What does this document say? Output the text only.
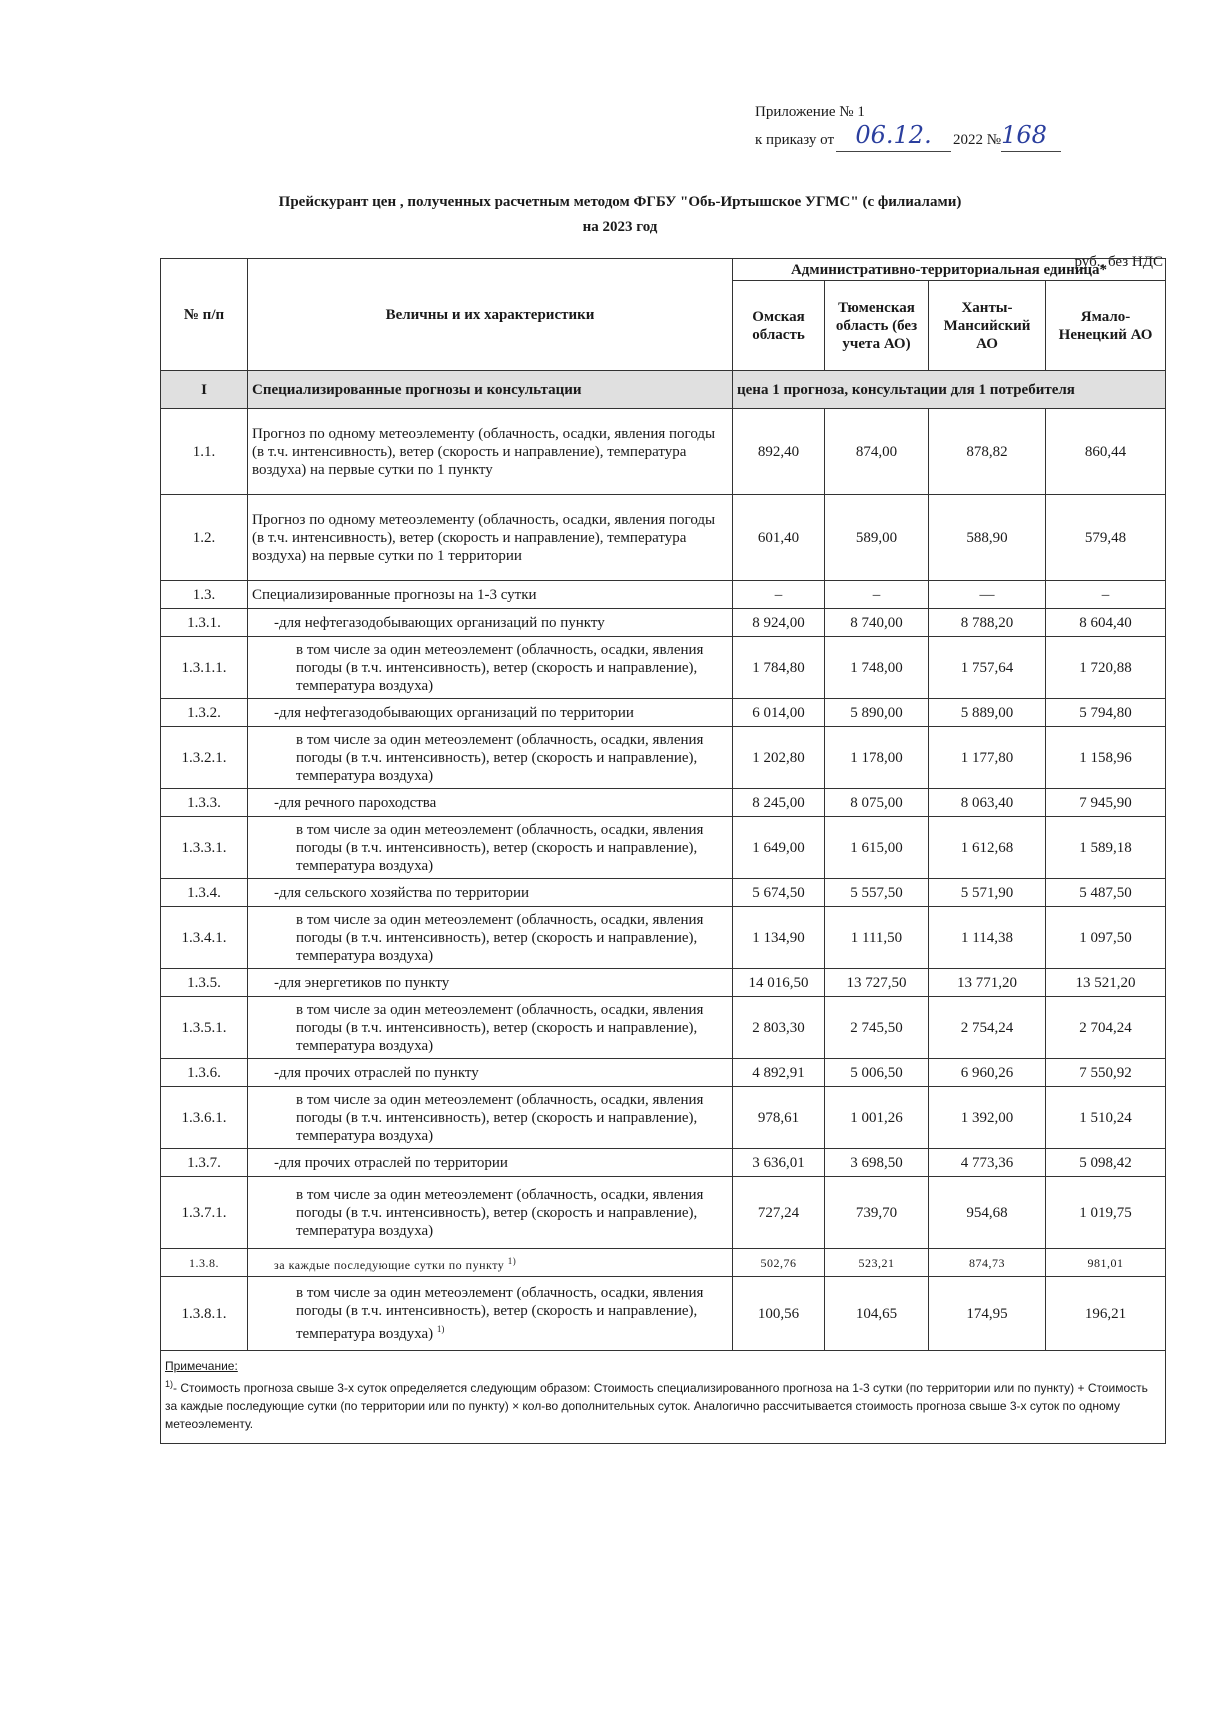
Приложение № 1
к приказу от 06.12.	2022 № 168
Прейскурант цен , полученных расчетным методом ФГБУ "Обь-Иртышское УГМС" (с филиалами)
на 2023 год
руб., без НДС
№ п/п	Величны и их характеристики	Административно-территориальная единица*			
		Омская область	Тюменская область (без учета АО)	Ханты-Мансийский АО	Ямало-Ненецкий АО
I	Специализированные прогнозы и консультации	цена 1 прогноза, консультации для 1 потребителя			
1.1.	Прогноз по одному метеоэлементу (облачность, осадки, явления погоды (в т.ч. интенсивность), ветер (скорость и направление), температура воздуха) на первые сутки по 1 пункту	892,40	874,00	878,82	860,44
1.2.	Прогноз по одному метеоэлементу (облачность, осадки, явления погоды (в т.ч. интенсивность), ветер (скорость и направление), температура воздуха) на первые сутки по 1 территории	601,40	589,00	588,90	579,48
1.3.	Специализированные прогнозы на 1-3 сутки	–	–	—	–
1.3.1.	-для нефтегазодобывающих организаций по пункту	8 924,00	8 740,00	8 788,20	8 604,40
1.3.1.1.	в том числе за один метеоэлемент (облачность, осадки, явления погоды (в т.ч. интенсивность), ветер (скорость и направление), температура воздуха)	1 784,80	1 748,00	1 757,64	1 720,88
1.3.2.	-для нефтегазодобывающих организаций по территории	6 014,00	5 890,00	5 889,00	5 794,80
1.3.2.1.	в том числе за один метеоэлемент (облачность, осадки, явления погоды (в т.ч. интенсивность), ветер (скорость и направление), температура воздуха)	1 202,80	1 178,00	1 177,80	1 158,96
1.3.3.	-для речного пароходства	8 245,00	8 075,00	8 063,40	7 945,90
1.3.3.1.	в том числе за один метеоэлемент (облачность, осадки, явления погоды (в т.ч. интенсивность), ветер (скорость и направление), температура воздуха)	1 649,00	1 615,00	1 612,68	1 589,18
1.3.4.	-для сельского хозяйства по территории	5 674,50	5 557,50	5 571,90	5 487,50
1.3.4.1.	в том числе за один метеоэлемент (облачность, осадки, явления погоды (в т.ч. интенсивность), ветер (скорость и направление), температура воздуха)	1 134,90	1 111,50	1 114,38	1 097,50
1.3.5.	-для энергетиков по пункту	14 016,50	13 727,50	13 771,20	13 521,20
1.3.5.1.	в том числе за один метеоэлемент (облачность, осадки, явления погоды (в т.ч. интенсивность), ветер (скорость и направление), температура воздуха)	2 803,30	2 745,50	2 754,24	2 704,24
1.3.6.	-для прочих отраслей по пункту	4 892,91	5 006,50	6 960,26	7 550,92
1.3.6.1.	в том числе за один метеоэлемент (облачность, осадки, явления погоды (в т.ч. интенсивность), ветер (скорость и направление), температура воздуха)	978,61	1 001,26	1 392,00	1 510,24
1.3.7.	-для прочих отраслей по территории	3 636,01	3 698,50	4 773,36	5 098,42
1.3.7.1.	в том числе за один метеоэлемент (облачность, осадки, явления погоды (в т.ч. интенсивность), ветер (скорость и направление), температура воздуха)	727,24	739,70	954,68	1 019,75
1.3.8.	за каждые последующие сутки по пункту $^{1)}$	502,76	523,21	874,73	981,01
1.3.8.1.	в том числе за один метеоэлемент (облачность, осадки, явления погоды (в т.ч. интенсивность), ветер (скорость и направление), температура воздуха) $^{1)}$	100,56	104,65	174,95	196,21

Примечание:
$^{1)}$- Стоимость прогноза свыше 3-х суток определяется следующим образом: Стоимость специализированного прогноза на 1-3 сутки (по территории или по пункту) + Стоимость за каждые последующие сутки (по территории или по пункту) × кол-во дополнительных суток. Аналогично рассчитывается стоимость прогноза свыше 3-х суток по одному метеоэлементу.					
